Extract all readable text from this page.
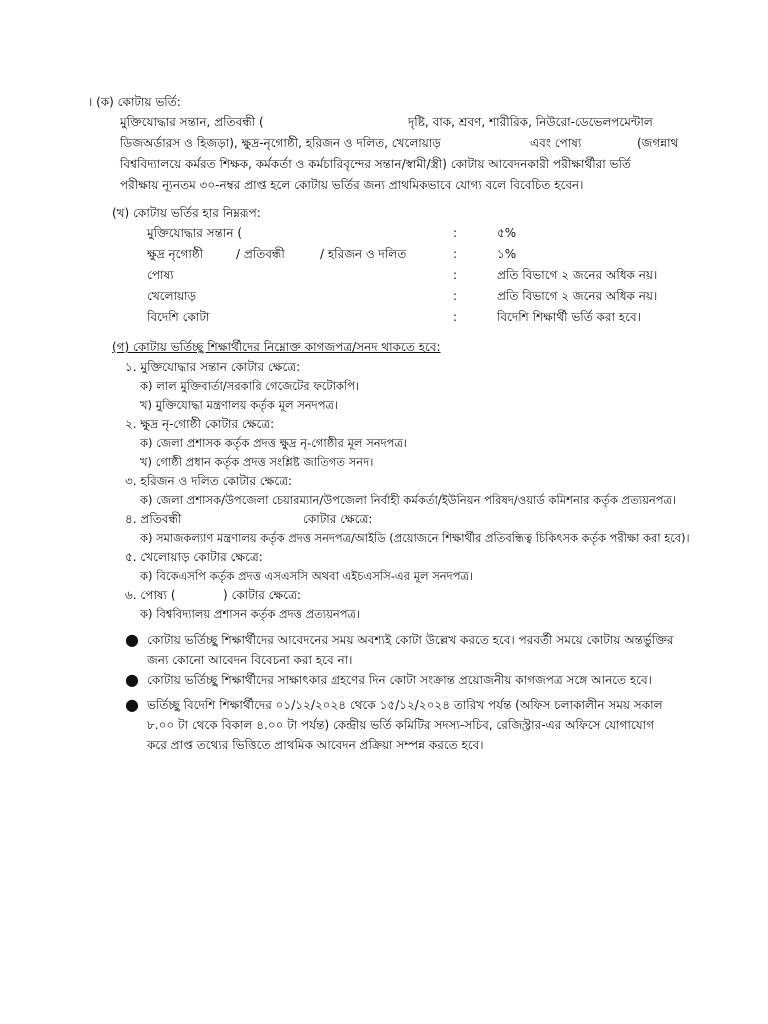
। (ক) কোটায় ভর্তি:
মুক্তিযোদ্ধার সন্তান, প্রতিবন্ধী (	দৃষ্টি, বাক, শ্রবণ, শারীরিক, নিউরো-ডেভেলপমেন্টাল
ডিজঅর্ডারস ও হিজড়া), ক্ষুদ্র-নৃগোষ্ঠী, হরিজন ও দলিত, খেলোয়াড়	এবং পোষ্য	(জগন্নাথ
বিশ্ববিদ্যালয়ে কর্মরত শিক্ষক, কর্মকর্তা ও কর্মচারিবৃন্দের সন্তান/স্বামী/স্ত্রী) কোটায় আবেদনকারী পরীক্ষার্থীরা ভর্তি
পরীক্ষায় ন্যূনতম ৩০-নম্বর প্রাপ্ত হলে কোটায় ভর্তির জন্য প্রাথমিকভাবে যোগ্য বলে বিবেচিত হবেন।
(খ) কোটায় ভর্তির হার নিম্নরূপ:
মুক্তিযোদ্ধার সন্তান (	:	৫%
ক্ষুদ্র নৃগোষ্ঠী	/ প্রতিবন্ধী	/ হরিজন ও দলিত	:	১%
পোষ্য	:	প্রতি বিভাগে ২ জনের অধিক নয়।
খেলোয়াড়	:	প্রতি বিভাগে ২ জনের অধিক নয়।
বিদেশি কোটা	:	বিদেশি শিক্ষার্থী ভর্তি করা হবে।
(গ) কোটায় ভর্তিচ্ছু শিক্ষার্থীদের নিম্নোক্ত কাগজপত্র/সনদ থাকতে হবে:
১. মুক্তিযোদ্ধার সন্তান কোটার ক্ষেত্রে:
ক) লাল মুক্তিবার্তা/সরকারি গেজেটের ফটোকপি।
খ) মুক্তিযোদ্ধা মন্ত্রণালয় কর্তৃক মূল সনদপত্র।
২. ক্ষুদ্র নৃ-গোষ্ঠী কোটার ক্ষেত্রে:
ক) জেলা প্রশাসক কর্তৃক প্রদত্ত ক্ষুদ্র নৃ-গোষ্ঠীর মূল সনদপত্র।
খ) গোষ্ঠী প্রধান কর্তৃক প্রদত্ত সংশ্লিষ্ট জাতিগত সনদ।
৩. হরিজন ও দলিত কোটার ক্ষেত্রে:
ক) জেলা প্রশাসক/উপজেলা চেয়ারম্যান/উপজেলা নির্বাহী কর্মকর্তা/ইউনিয়ন পরিষদ/ওয়ার্ড কমিশনার কর্তৃক প্রত্যয়নপত্র।
৪. প্রতিবন্ধী	কোটার ক্ষেত্রে:
ক) সমাজকল্যাণ মন্ত্রণালয় কর্তৃক প্রদত্ত সনদপত্র/আইডি (প্রয়োজনে শিক্ষার্থীর প্রতিবন্ধিত্ব চিকিৎসক কর্তৃক পরীক্ষা করা হবে)।
৫. খেলোয়াড় কোটার ক্ষেত্রে:
ক) বিকেএসপি কর্তৃক প্রদত্ত এসএসসি অথবা এইচএসসি-এর মূল সনদপত্র।
৬. পোষ্য (	) কোটার ক্ষেত্রে:
ক) বিশ্ববিদ্যালয় প্রশাসন কর্তৃক প্রদত্ত প্রত্যয়নপত্র।
● কোটায় ভর্তিচ্ছু শিক্ষার্থীদের আবেদনের সময় অবশ্যই কোটা উল্লেখ করতে হবে। পরবর্তী সময়ে কোটায় অন্তর্ভুক্তির
জন্য কোনো আবেদন বিবেচনা করা হবে না।
● কোটায় ভর্তিচ্ছু শিক্ষার্থীদের সাক্ষাৎকার গ্রহণের দিন কোটা সংক্রান্ত প্রয়োজনীয় কাগজপত্র সঙ্গে আনতে হবে।
● ভর্তিচ্ছু বিদেশি শিক্ষার্থীদের ০১/১২/২০২৪ থেকে ১৫/১২/২০২৪ তারিখ পর্যন্ত (অফিস চলাকালীন সময় সকাল
৮.০০ টা থেকে বিকাল ৪.০০ টা পর্যন্ত) কেন্দ্রীয় ভর্তি কমিটির সদস্য-সচিব, রেজিস্ট্রার-এর অফিসে যোগাযোগ
করে প্রাপ্ত তথ্যের ভিত্তিতে প্রাথমিক আবেদন প্রক্রিয়া সম্পন্ন করতে হবে।
